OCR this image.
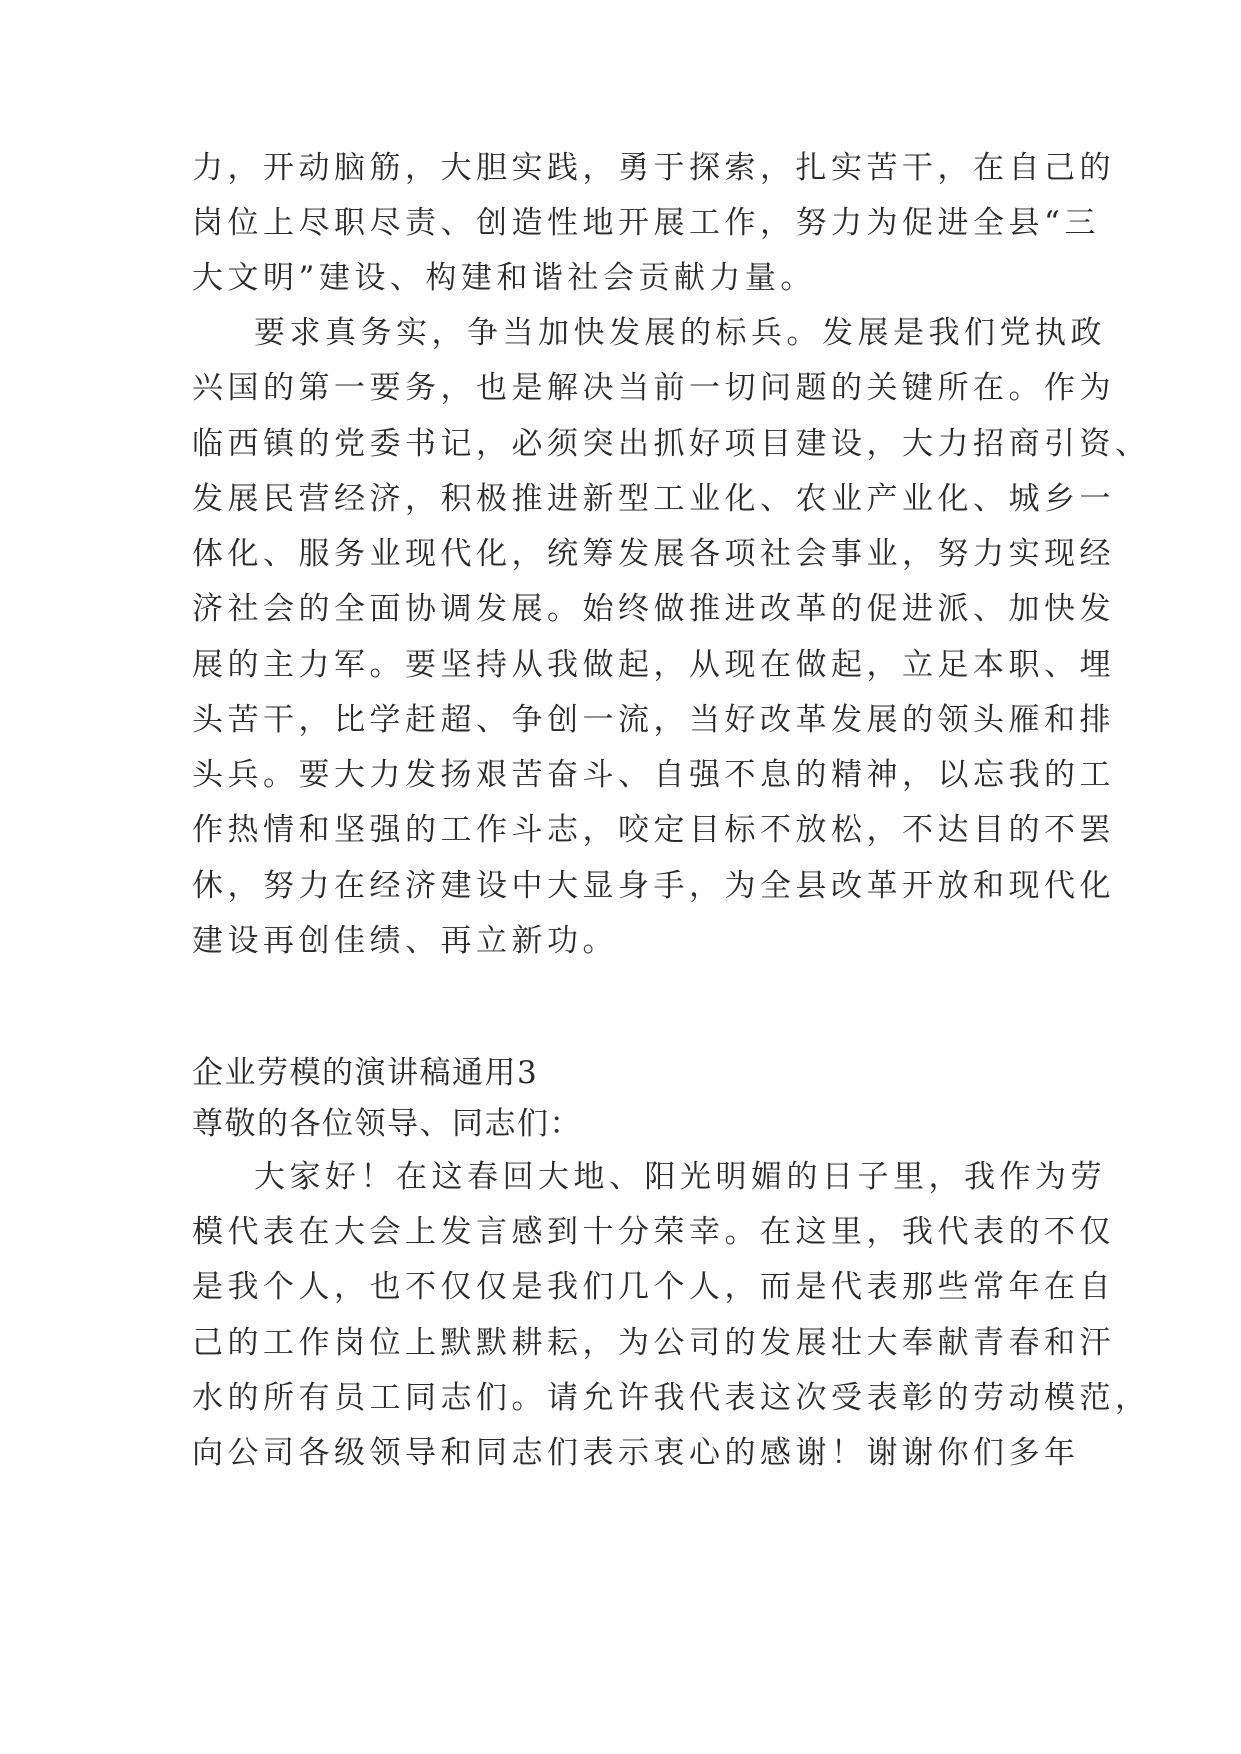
力，开动脑筋，大胆实践，勇于探索，扎实苦干，在自己的
岗位上尽职尽责、创造性地开展工作，努力为促进全县“三
大文明”建设、构建和谐社会贡献力量。
要求真务实，争当加快发展的标兵。发展是我们党执政
兴国的第一要务，也是解决当前一切问题的关键所在。作为
临西镇的党委书记，必须突出抓好项目建设，大力招商引资、
发展民营经济，积极推进新型工业化、农业产业化、城乡一
体化、服务业现代化，统筹发展各项社会事业，努力实现经
济社会的全面协调发展。始终做推进改革的促进派、加快发
展的主力军。要坚持从我做起，从现在做起，立足本职、埋
头苦干，比学赶超、争创一流，当好改革发展的领头雁和排
头兵。要大力发扬艰苦奋斗、自强不息的精神，以忘我的工
作热情和坚强的工作斗志，咬定目标不放松，不达目的不罢
休，努力在经济建设中大显身手，为全县改革开放和现代化
建设再创佳绩、再立新功。
企业劳模的演讲稿通用3
尊敬的各位领导、同志们：
大家好！在这春回大地、阳光明媚的日子里，我作为劳
模代表在大会上发言感到十分荣幸。在这里，我代表的不仅
是我个人，也不仅仅是我们几个人，而是代表那些常年在自
己的工作岗位上默默耕耘，为公司的发展壮大奉献青春和汗
水的所有员工同志们。请允许我代表这次受表彰的劳动模范，
向公司各级领导和同志们表示衷心的感谢！谢谢你们多年
